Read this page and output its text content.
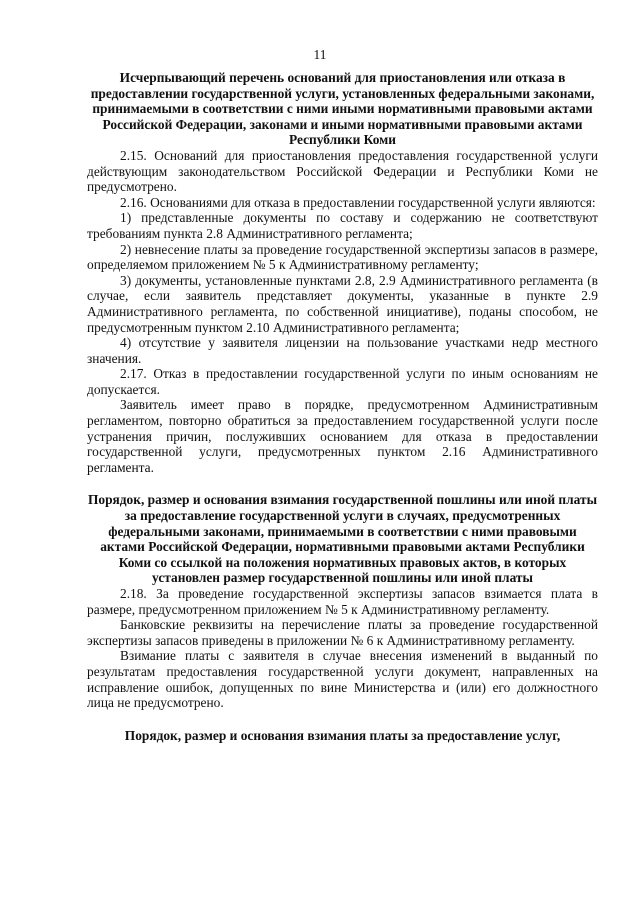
11

Исчерпывающий перечень оснований для приостановления или отказа в предоставлении государственной услуги, установленных федеральными законами, принимаемыми в соответствии с ними иными нормативными правовыми актами Российской Федерации, законами и иными нормативными правовыми актами Республики Коми

2.15. Оснований для приостановления предоставления государственной услуги действующим законодательством Российской Федерации и Республики Коми не предусмотрено.

2.16. Основаниями для отказа в предоставлении государственной услуги являются:

1) представленные документы по составу и содержанию не соответствуют требованиям пункта 2.8 Административного регламента;

2) невнесение платы за проведение государственной экспертизы запасов в размере, определяемом приложением № 5 к Административному регламенту;

3) документы, установленные пунктами 2.8, 2.9 Административного регламента (в случае, если заявитель представляет документы, указанные в пункте 2.9 Административного регламента, по собственной инициативе), поданы способом, не предусмотренным пунктом 2.10 Административного регламента;

4) отсутствие у заявителя лицензии на пользование участками недр местного значения.

2.17. Отказ в предоставлении государственной услуги по иным основаниям не допускается.

Заявитель имеет право в порядке, предусмотренном Административным регламентом, повторно обратиться за предоставлением государственной услуги после устранения причин, послуживших основанием для отказа в предоставлении государственной услуги, предусмотренных пунктом 2.16 Административного регламента.

Порядок, размер и основания взимания государственной пошлины или иной платы за предоставление государственной услуги в случаях, предусмотренных федеральными законами, принимаемыми в соответствии с ними правовыми актами Российской Федерации, нормативными правовыми актами Республики Коми со ссылкой на положения нормативных правовых актов, в которых установлен размер государственной пошлины или иной платы

2.18. За проведение государственной экспертизы запасов взимается плата в размере, предусмотренном приложением № 5 к Административному регламенту.

Банковские реквизиты на перечисление платы за проведение государственной экспертизы запасов приведены в приложении № 6 к Административному регламенту.

Взимание платы с заявителя в случае внесения изменений в выданный по результатам предоставления государственной услуги документ, направленных на исправление ошибок, допущенных по вине Министерства и (или) его должностного лица не предусмотрено.

Порядок, размер и основания взимания платы за предоставление услуг,
